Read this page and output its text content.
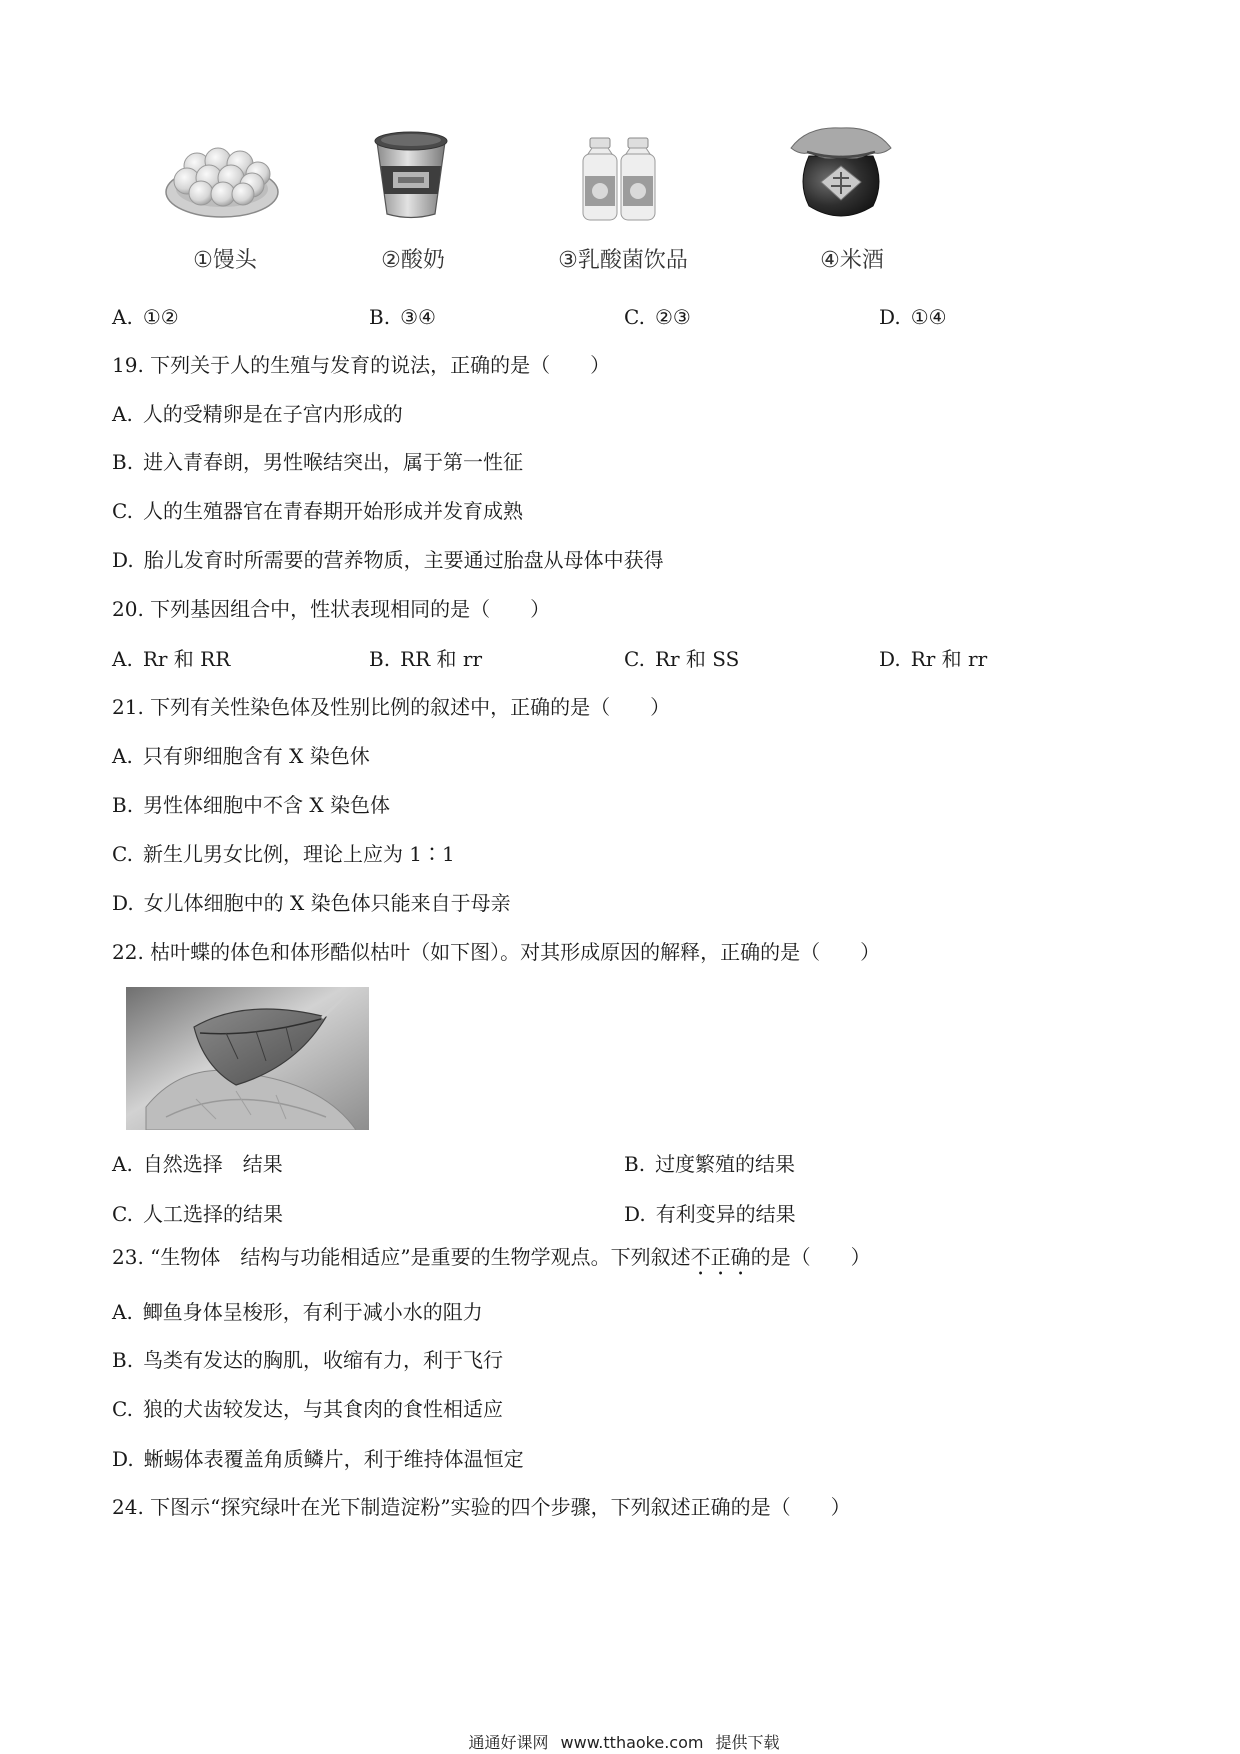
①馒头	②酸奶	③乳酸菌饮品	④米酒
A. ①②	B. ③④	C. ②③	D. ①④
19. 下列关于人的生殖与发育的说法，正确的是（　　）
A. 人的受精卵是在子宫内形成的
B. 进入青春朗，男性喉结突出，属于第一性征
C. 人的生殖器官在青春期开始形成并发育成熟
D. 胎儿发育时所需要的营养物质，主要通过胎盘从母体中获得
20. 下列基因组合中，性状表现相同的是（　　）
A. Rr 和 RR	B. RR 和 rr	C. Rr 和 SS	D. Rr 和 rr
21. 下列有关性染色体及性别比例的叙述中，正确的是（　　）
A. 只有卵细胞含有 X 染色休
B. 男性体细胞中不含 X 染色体
C. 新生儿男女比例，理论上应为 1∶1
D. 女儿体细胞中的 X 染色体只能来自于母亲
22. 枯叶蝶的体色和体形酷似枯叶（如下图）。对其形成原因的解释，正确的是（　　）
A. 自然选择　结果	B. 过度繁殖的结果
C. 人工选择的结果	D. 有利变异的结果
23. “生物体　结构与功能相适应”是重要的生物学观点。下列叙述不正确的是（　　）
A. 鲫鱼身体呈梭形，有利于减小水的阻力
B. 鸟类有发达的胸肌，收缩有力，利于飞行
C. 狼的犬齿较发达，与其食肉的食性相适应
D. 蜥蜴体表覆盖角质鳞片，利于维持体温恒定
24. 下图示“探究绿叶在光下制造淀粉”实验的四个步骤，下列叙述正确的是（　　）
通通好课网 www.tthaoke.com 提供下载
